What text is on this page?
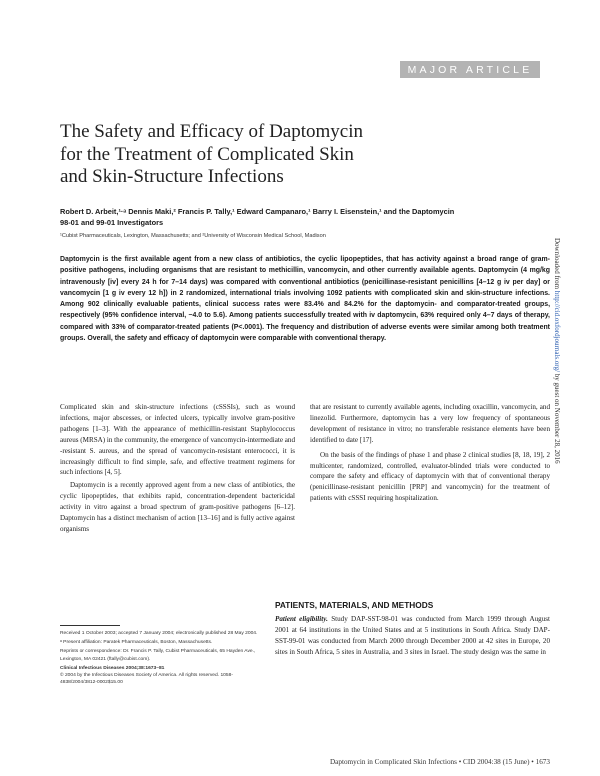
MAJOR ARTICLE
The Safety and Efficacy of Daptomycin
for the Treatment of Complicated Skin
and Skin-Structure Infections
Robert D. Arbeit,¹·ᵃ Dennis Maki,² Francis P. Tally,¹ Edward Campanaro,¹ Barry I. Eisenstein,¹ and the Daptomycin
98-01 and 99-01 Investigators
¹Cubist Pharmaceuticals, Lexington, Massachusetts; and ²University of Wisconsin Medical School, Madison
Daptomycin is the first available agent from a new class of antibiotics, the cyclic lipopeptides, that has activity against a broad range of gram-positive pathogens, including organisms that are resistant to methicillin, vancomycin, and other currently available agents. Daptomycin (4 mg/kg intravenously [iv] every 24 h for 7–14 days) was compared with conventional antibiotics (penicillinase-resistant penicillins [4–12 g iv per day] or vancomycin [1 g iv every 12 h]) in 2 randomized, international trials involving 1092 patients with complicated skin and skin-structure infections. Among 902 clinically evaluable patients, clinical success rates were 83.4% and 84.2% for the daptomycin- and comparator-treated groups, respectively (95% confidence interval, −4.0 to 5.6). Among patients successfully treated with iv daptomycin, 63% required only 4–7 days of therapy, compared with 33% of comparator-treated patients (P<.0001). The frequency and distribution of adverse events were similar among both treatment groups. Overall, the safety and efficacy of daptomycin were comparable with conventional therapy.
Downloaded from http://cid.oxfordjournals.org/ by guest on November 28, 2016

Complicated skin and skin-structure infections (cSSSIs), such as wound infections, major abscesses, or infected ulcers, typically involve gram-positive pathogens [1–3]. With the appearance of methicillin-resistant Staphylococcus aureus (MRSA) in the community, the emergence of vancomycin-intermediate and -resistant S. aureus, and the spread of vancomycin-resistant enterococci, it is increasingly difficult to find simple, safe, and effective treatment regimens for such infections [4, 5].

Daptomycin is a recently approved agent from a new class of antibiotics, the cyclic lipopeptides, that exhibits rapid, concentration-dependent bactericidal activity in vitro against a broad spectrum of gram-positive pathogens [6–12]. Daptomycin has a distinct mechanism of action [13–16] and is fully active against organisms

that are resistant to currently available agents, including oxacillin, vancomycin, and linezolid. Furthermore, daptomycin has a very low frequency of spontaneous development of resistance in vitro; no transferable resistance elements have been identified to date [17].

On the basis of the findings of phase 1 and phase 2 clinical studies [8, 18, 19], 2 multicenter, randomized, controlled, evaluator-blinded trials were conducted to compare the safety and efficacy of daptomycin with that of conventional therapy (penicillinase-resistant penicillin [PRP] and vancomycin) for the treatment of patients with cSSSI requiring hospitalization.

PATIENTS, MATERIALS, AND METHODS

Patient eligibility. Study DAP-SST-98-01 was conducted from March 1999 through August 2001 at 64 institutions in the United States and at 5 institutions in South Africa. Study DAP-SST-99-01 was conducted from March 2000 through December 2000 at 42 sites in Europe, 20 sites in South Africa, 5 sites in Australia, and 3 sites in Israel. The study design was the same in

Received 1 October 2003; accepted 7 January 2004; electronically published 28 May 2004.

ᵃ Present affiliation: Paratek Pharmaceuticals, Boston, Massachusetts.

Reprints or correspondence: Dr. Francis P. Tally, Cubist Pharmaceuticals, 65 Hayden Ave., Lexington, MA 02421 (ftally@cubist.com).

Clinical Infectious Diseases 2004;38:1673–81

© 2004 by the Infectious Diseases Society of America. All rights reserved. 1058-4838/2004/3812-0002$15.00

Daptomycin in Complicated Skin Infections • CID 2004:38 (15 June) • 1673
